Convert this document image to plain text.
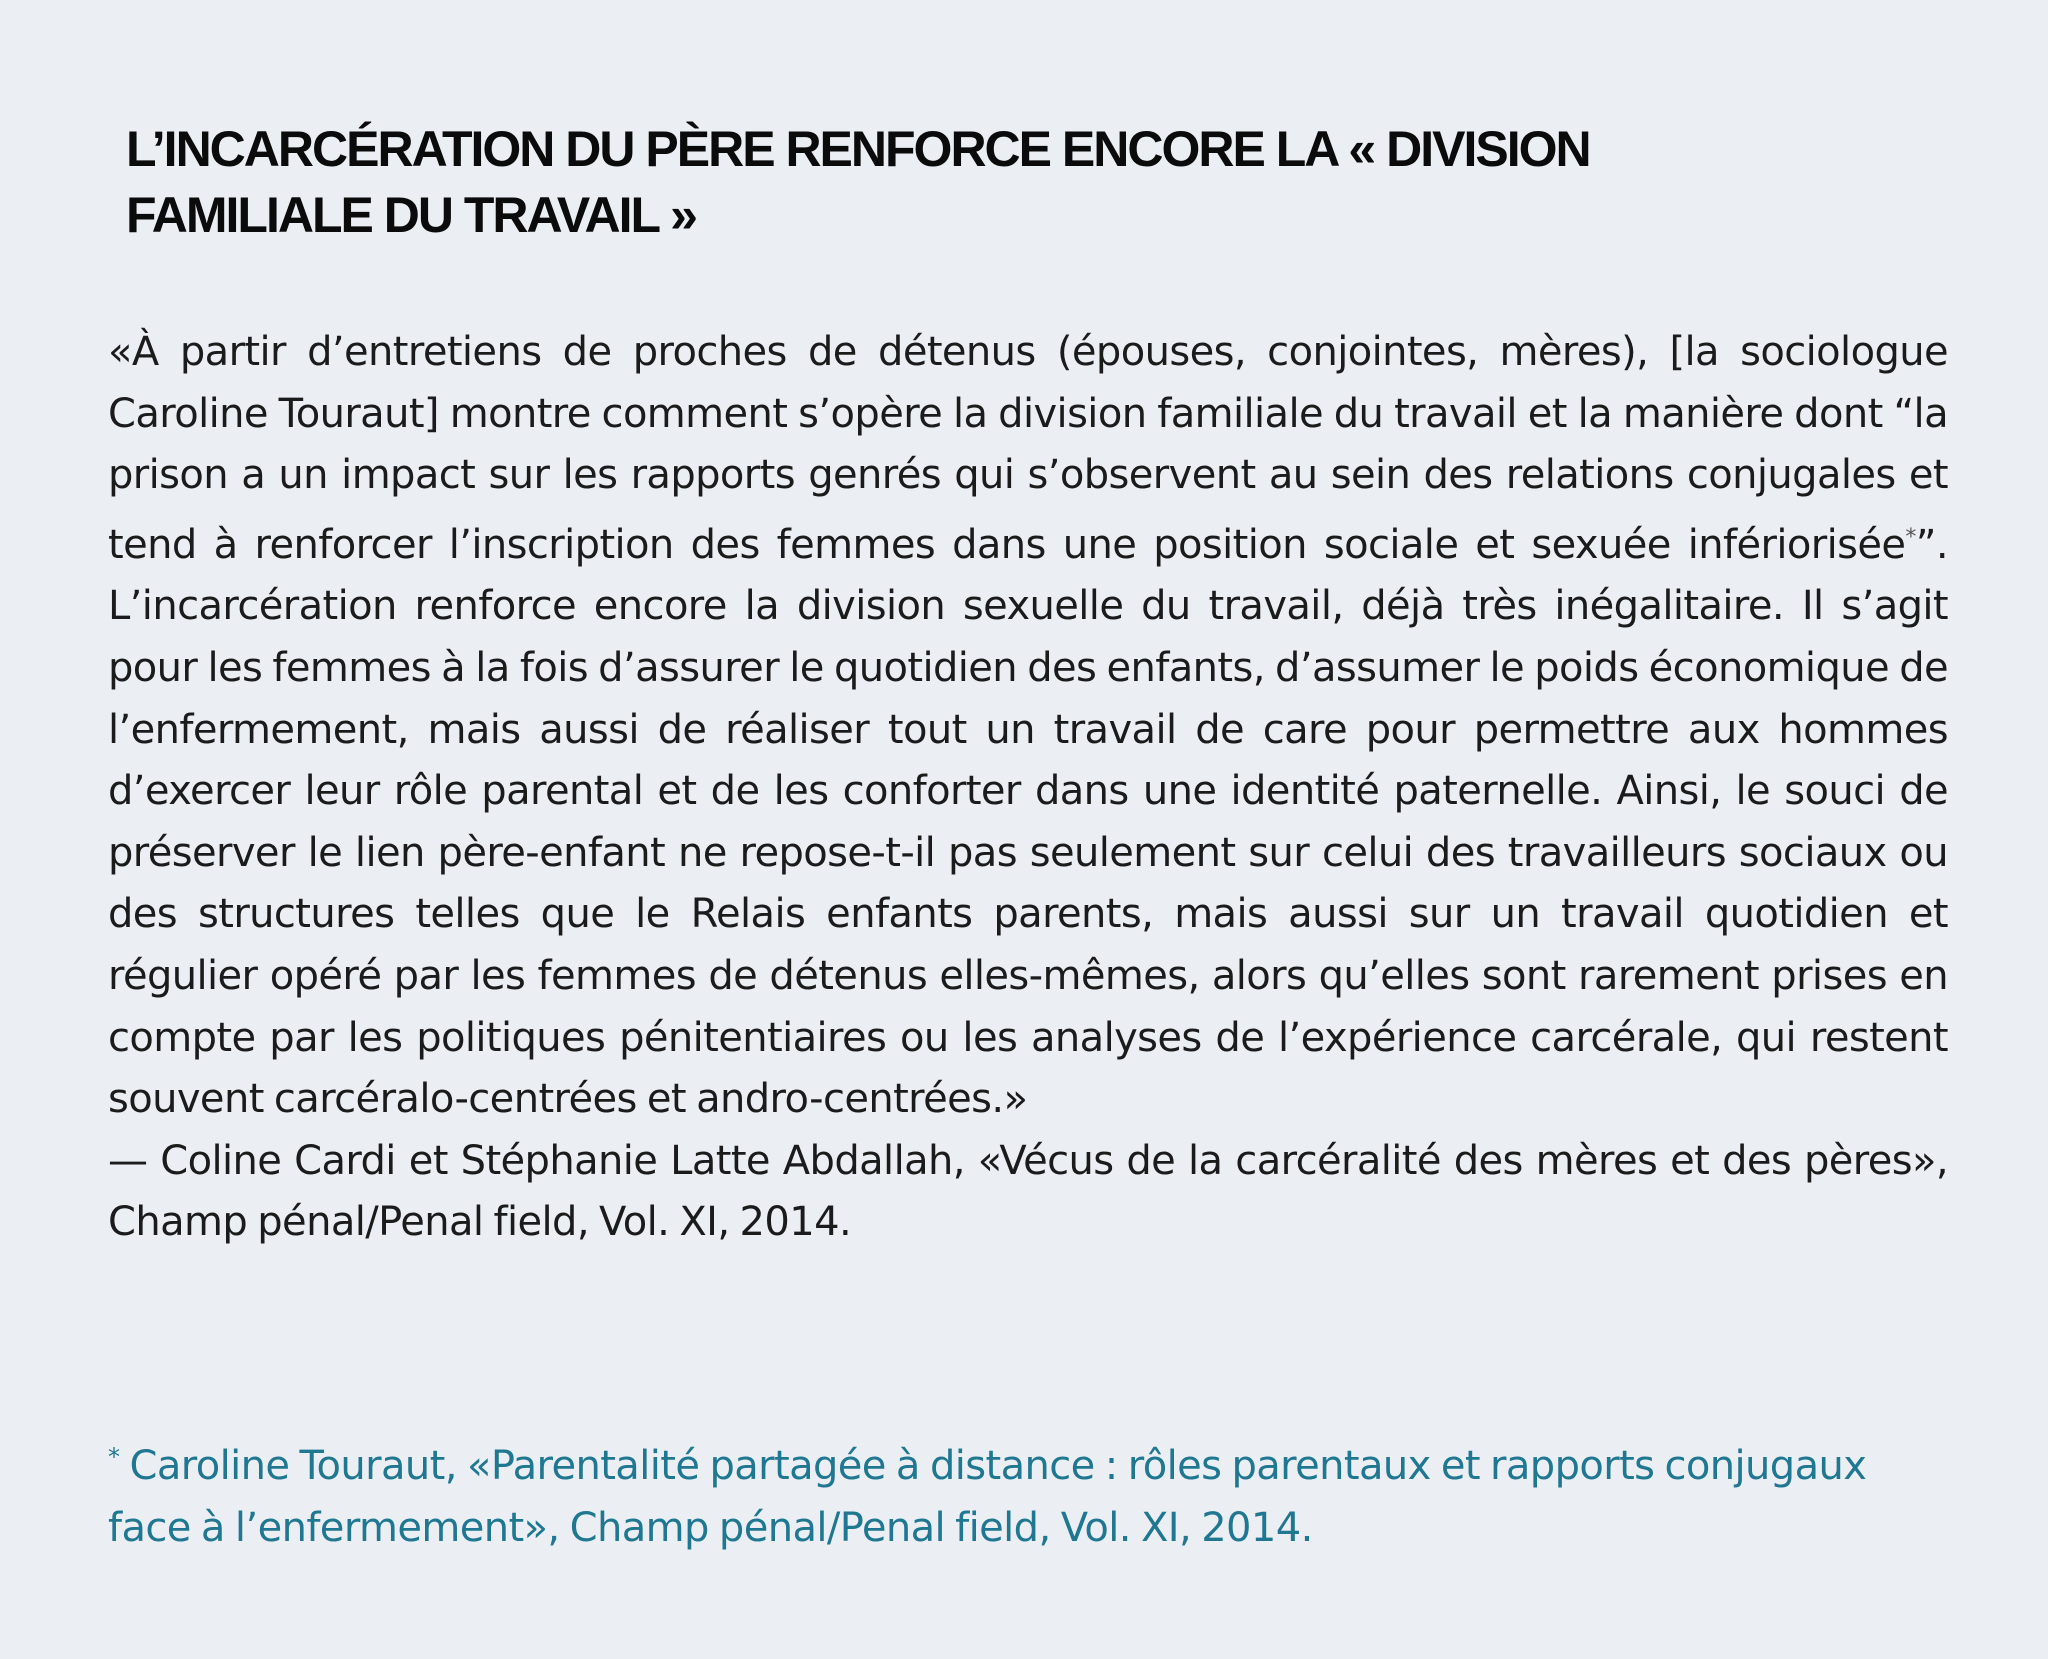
L’INCARCÉRATION DU PÈRE RENFORCE ENCORE LA « DIVISION FAMILIALE DU TRAVAIL »

«À partir d’entretiens de proches de détenus (épouses, conjointes, mères), [la sociologue Caroline Touraut] montre comment s’opère la division familiale du travail et la manière dont “la prison a un impact sur les rapports genrés qui s’observent au sein des relations conjugales et tend à renforcer l’inscription des femmes dans une position sociale et sexuée infériorisée*”. L’incarcération renforce encore la division sexuelle du travail, déjà très inégalitaire. Il s’agit pour les femmes à la fois d’assurer le quotidien des enfants, d’assumer le poids économique de l’enfermement, mais aussi de réaliser tout un travail de care pour permettre aux hommes d’exercer leur rôle parental et de les conforter dans une identité paternelle. Ainsi, le souci de préserver le lien père-enfant ne repose-t-il pas seulement sur celui des travailleurs sociaux ou des structures telles que le Relais enfants parents, mais aussi sur un travail quotidien et régulier opéré par les femmes de détenus elles-mêmes, alors qu’elles sont rarement prises en compte par les politiques pénitentiaires ou les analyses de l’expérience carcérale, qui restent souvent carcéralo-centrées et andro-centrées.»

— Coline Cardi et Stéphanie Latte Abdallah, «Vécus de la carcéralité des mères et des pères», Champ pénal/Penal field, Vol. XI, 2014.

* Caroline Touraut, «Parentalité partagée à distance : rôles parentaux et rapports conjugaux face à l’enfermement», Champ pénal/Penal field, Vol. XI, 2014.
